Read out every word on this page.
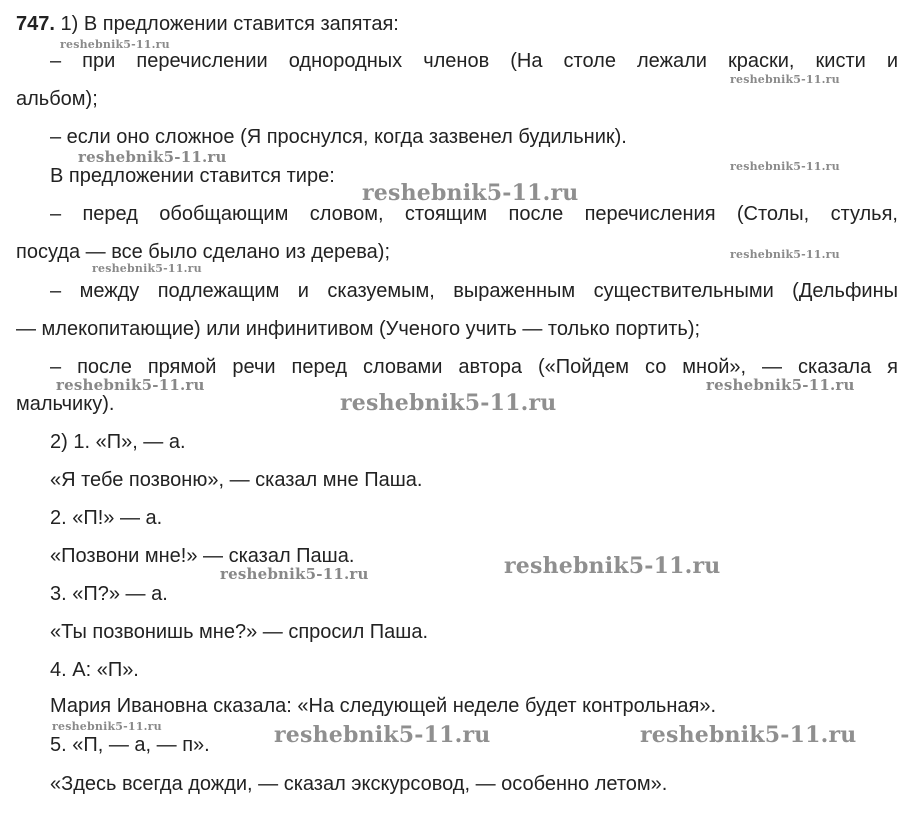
747. 1) В предложении ставится запятая:
– при перечислении однородных членов (На столе лежали краски, кисти и
альбом);
– если оно сложное (Я проснулся, когда зазвенел будильник).
В предложении ставится тире:
– перед обобщающим словом, стоящим после перечисления (Столы, стулья,
посуда — все было сделано из дерева);
– между подлежащим и сказуемым, выраженным существительными (Дельфины
— млекопитающие) или инфинитивом (Ученого учить — только портить);
– после прямой речи перед словами автора («Пойдем со мной», — сказала я
мальчику).
2) 1. «П», — а.
«Я тебе позвоню», — сказал мне Паша.
2. «П!» — а.
«Позвони мне!» — сказал Паша.
3. «П?» — а.
«Ты позвонишь мне?» — спросил Паша.
4. А: «П».
Мария Ивановна сказала: «На следующей неделе будет контрольная».
5. «П, — а, — п».
«Здесь всегда дожди, — сказал экскурсовод, — особенно летом».
reshebnik5-11.ru
reshebnik5-11.ru
reshebnik5-11.ru
reshebnik5-11.ru
reshebnik5-11.ru
reshebnik5-11.ru
reshebnik5-11.ru
reshebnik5-11.ru	reshebnik5-11.ru
reshebnik5-11.ru
reshebnik5-11.ru
reshebnik5-11.ru
reshebnik5-11.ru	reshebnik5-11.ru	reshebnik5-11.ru
